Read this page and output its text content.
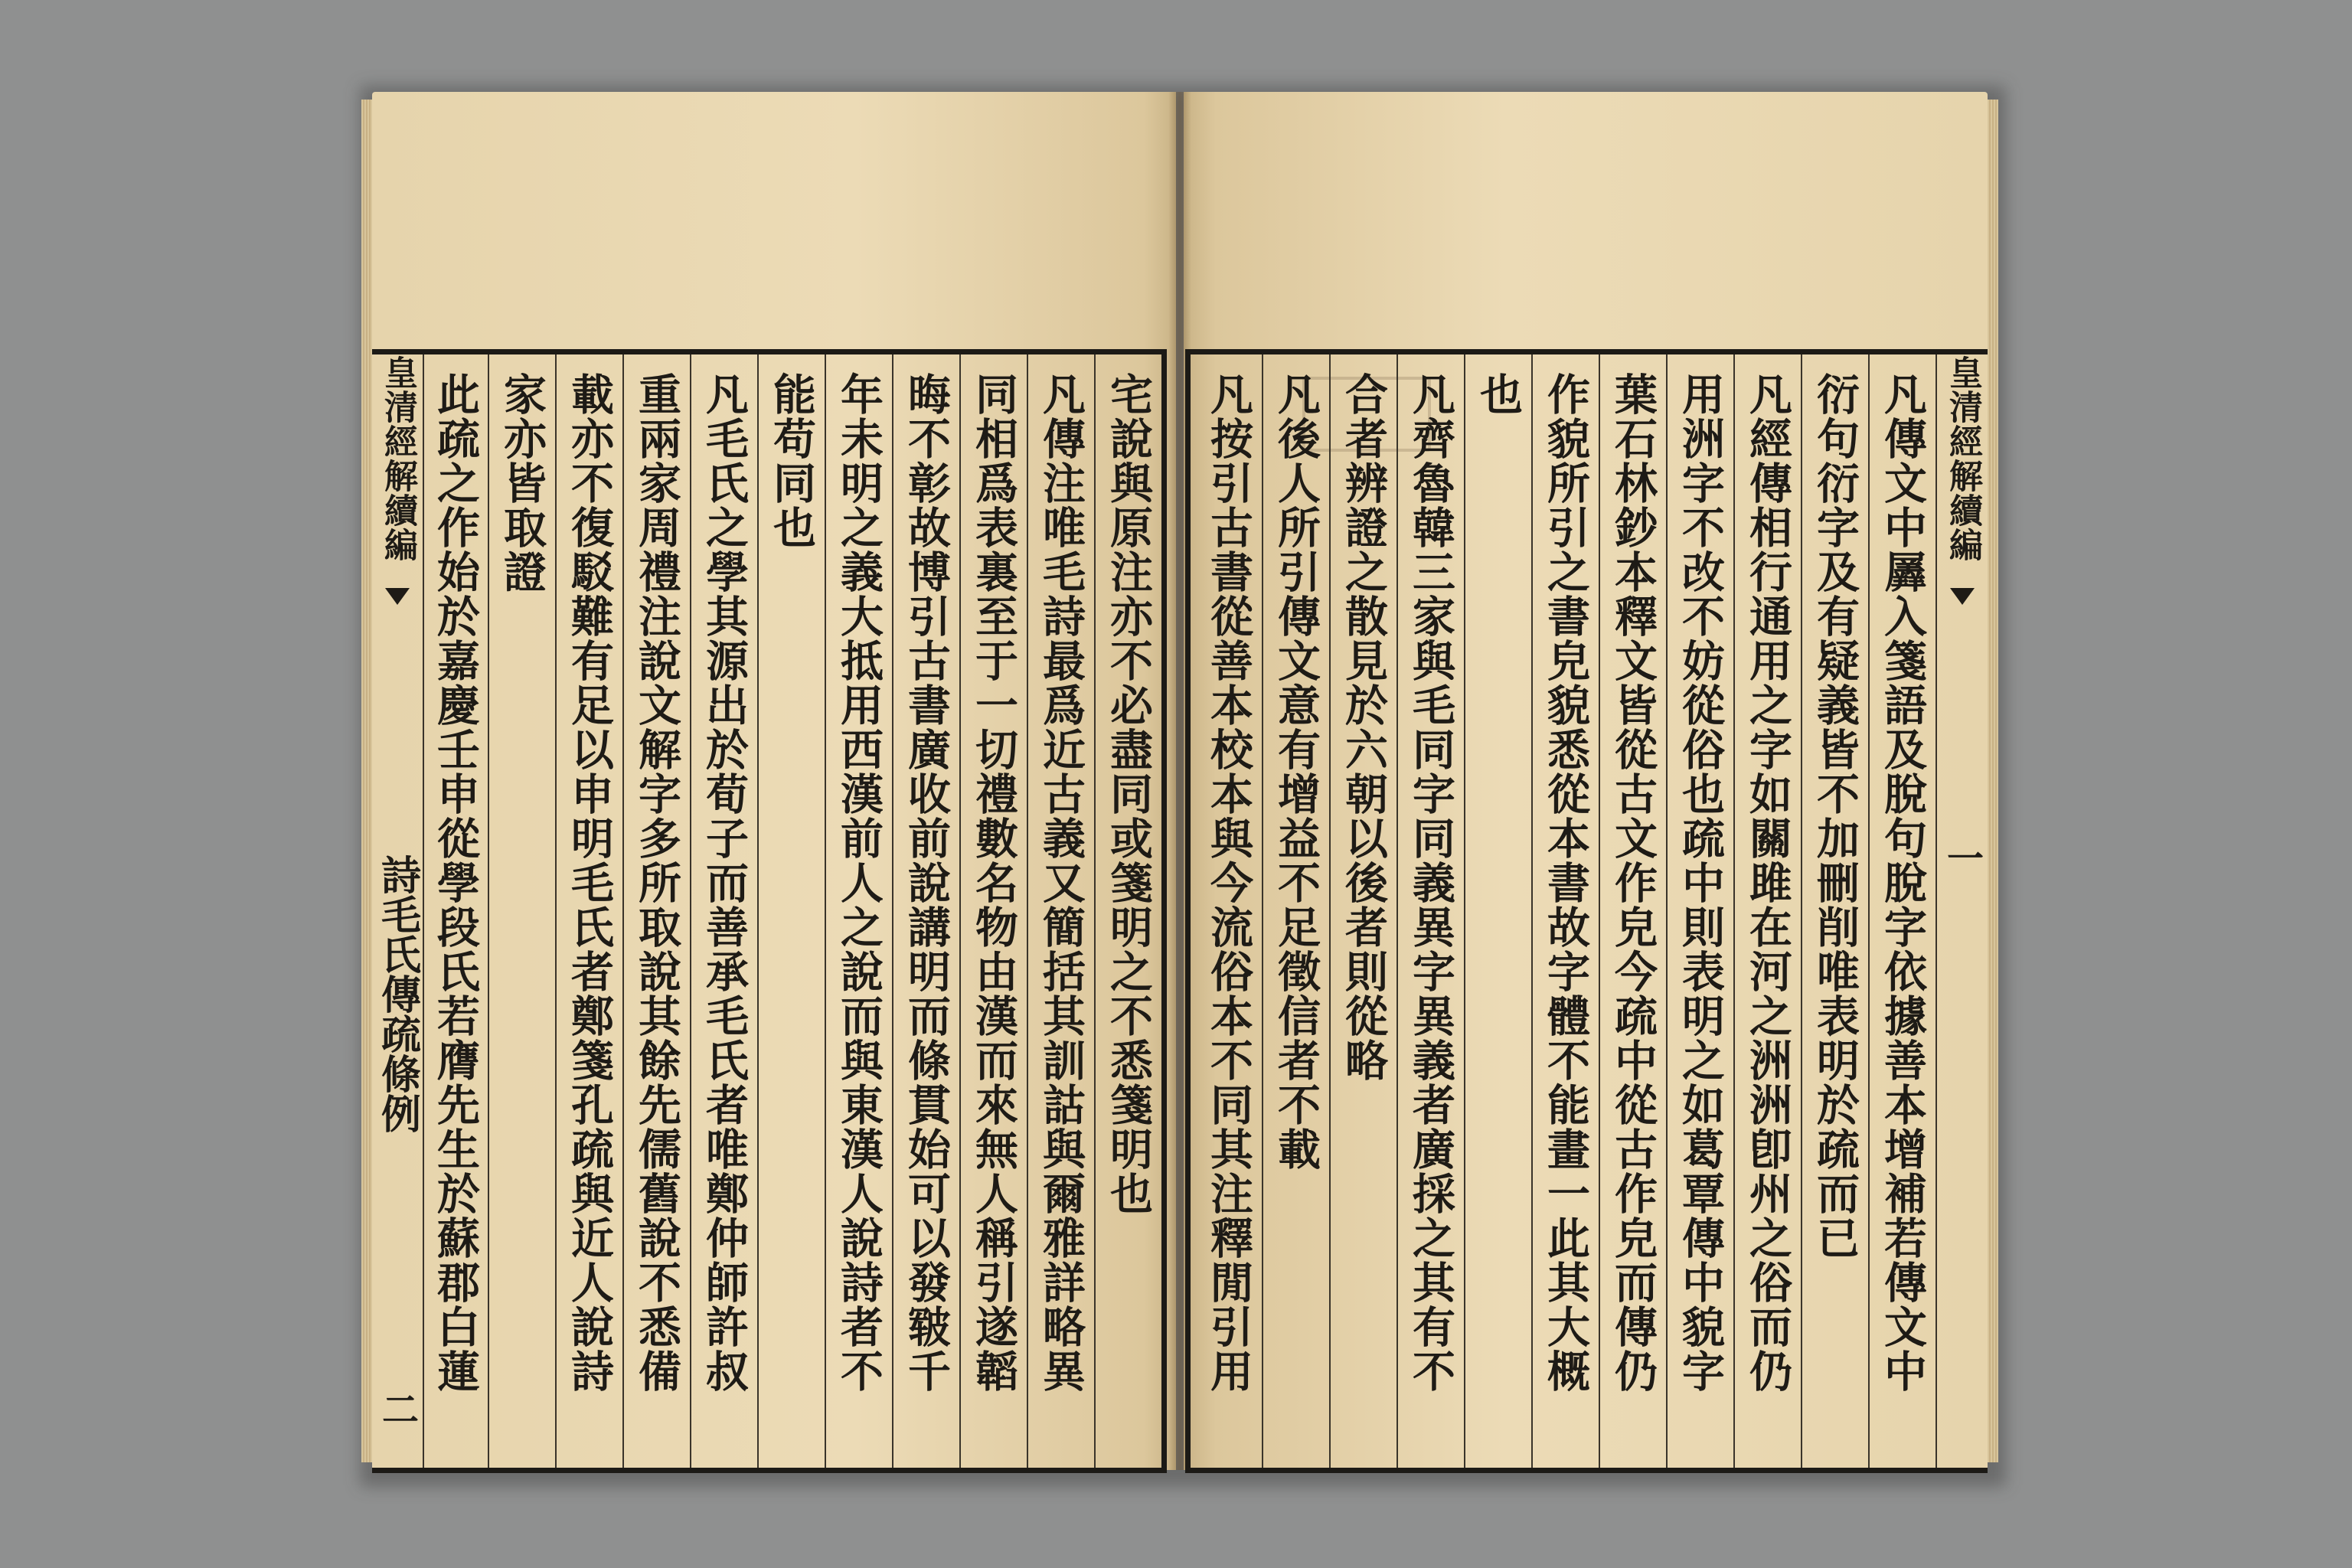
皇清經解續編
詩毛氏傳疏條例
二
宅說與原注亦不必盡同或箋明之不悉箋明也
凡傳注唯毛詩最爲近古義又簡括其訓詁與爾雅詳略異
同相爲表裏至于一切禮數名物由漢而來無人稱引遂韜
晦不彰故博引古書廣收前說講明而條貫始可以發皲千
年未明之義大抵用西漢前人之說而與東漢人說詩者不
能苟同也
凡毛氏之學其源出於荀子而善承毛氏者唯鄭仲師許叔
重兩家周禮注說文解字多所取說其餘先儒舊說不悉備
載亦不復駁難有足以申明毛氏者鄭箋孔疏與近人說詩
家亦皆取證
此疏之作始於嘉慶壬申從學段氏若膺先生於蘇郡白蓮	皇清經解續編
一
凡傳文中羼入箋語及脫句脫字依據善本增補若傳文中
衍句衍字及有疑義皆不加刪削唯表明於疏而已
凡經傳相行通用之字如關雎在河之洲洲卽州之俗而仍
用洲字不改不妨從俗也疏中則表明之如葛覃傳中貌字
葉石林鈔本釋文皆從古文作皃今疏中從古作皃而傳仍
作貌所引之書皃貌悉從本書故字體不能畫一此其大概
也
凡齊魯韓三家與毛同字同義異字異義者廣採之其有不
合者辨證之散見於六朝以後者則從略
凡後人所引傳文意有增益不足徵信者不載
凡按引古書從善本校本與今流俗本不同其注釋閒引用
